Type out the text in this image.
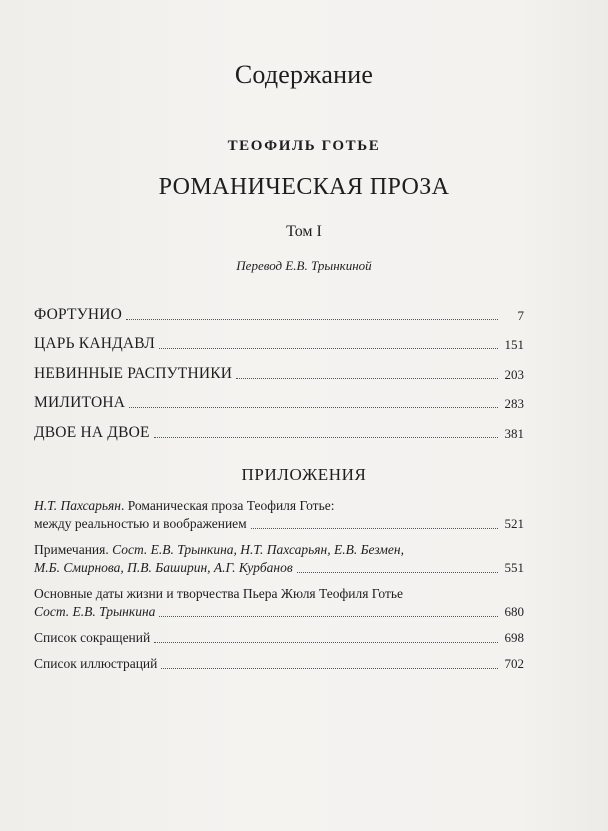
Содержание
ТЕОФИЛЬ ГОТЬЕ
РОМАНИЧЕСКАЯ ПРОЗА
Том I
Перевод Е.В. Трынкиной
ФОРТУНИО	7
ЦАРЬ КАНДАВЛ	151
НЕВИННЫЕ РАСПУТНИКИ	203
МИЛИТОНА	283
ДВОЕ НА ДВОЕ	381
ПРИЛОЖЕНИЯ
Н.Т. Пахсарьян. Романическая проза Теофиля Готье:
между реальностью и воображением	521
Примечания. Сост. Е.В. Трынкина, Н.Т. Пахсарьян, Е.В. Безмен,
М.Б. Смирнова, П.В. Баширин, А.Г. Курбанов	551
Основные даты жизни и творчества Пьера Жюля Теофиля Готье
Сост. Е.В. Трынкина	680
Список сокращений	698
Список иллюстраций	702
